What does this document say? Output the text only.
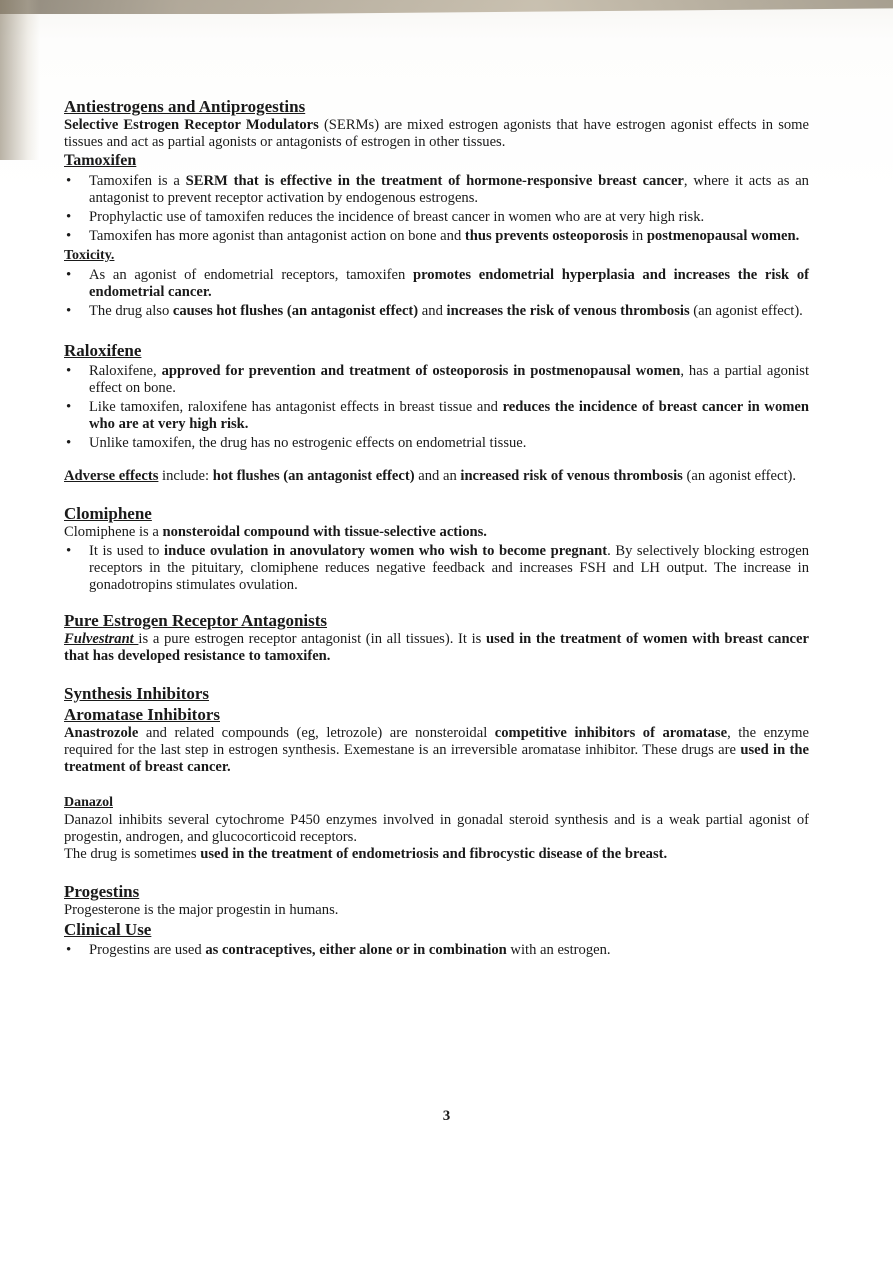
Antiestrogens and Antiprogestins

Selective Estrogen Receptor Modulators (SERMs) are mixed estrogen agonists that have estrogen agonist effects in some tissues and act as partial agonists or antagonists of estrogen in other tissues.

Tamoxifen
• Tamoxifen is a SERM that is effective in the treatment of hormone-responsive breast cancer, where it acts as an antagonist to prevent receptor activation by endogenous estrogens.
• Prophylactic use of tamoxifen reduces the incidence of breast cancer in women who are at very high risk.
• Tamoxifen has more agonist than antagonist action on bone and thus prevents osteoporosis in postmenopausal women.
Toxicity.
• As an agonist of endometrial receptors, tamoxifen promotes endometrial hyperplasia and increases the risk of endometrial cancer.
• The drug also causes hot flushes (an antagonist effect) and increases the risk of venous thrombosis (an agonist effect).
Raloxifene
• Raloxifene, approved for prevention and treatment of osteoporosis in postmenopausal women, has a partial agonist effect on bone.
• Like tamoxifen, raloxifene has antagonist effects in breast tissue and reduces the incidence of breast cancer in women who are at very high risk.
• Unlike tamoxifen, the drug has no estrogenic effects on endometrial tissue.

Adverse effects include: hot flushes (an antagonist effect) and an increased risk of venous thrombosis (an agonist effect).

Clomiphene

Clomiphene is a nonsteroidal compound with tissue-selective actions.

• It is used to induce ovulation in anovulatory women who wish to become pregnant. By selectively blocking estrogen receptors in the pituitary, clomiphene reduces negative feedback and increases FSH and LH output. The increase in gonadotropins stimulates ovulation.
Pure Estrogen Receptor Antagonists

Fulvestrant is a pure estrogen receptor antagonist (in all tissues). It is used in the treatment of women with breast cancer that has developed resistance to tamoxifen.

Synthesis Inhibitors
Aromatase Inhibitors

Anastrozole and related compounds (eg, letrozole) are nonsteroidal competitive inhibitors of aromatase, the enzyme required for the last step in estrogen synthesis. Exemestane is an irreversible aromatase inhibitor. These drugs are used in the treatment of breast cancer.

Danazol

Danazol inhibits several cytochrome P450 enzymes involved in gonadal steroid synthesis and is a weak partial agonist of progestin, androgen, and glucocorticoid receptors.

The drug is sometimes used in the treatment of endometriosis and fibrocystic disease of the breast.

Progestins

Progesterone is the major progestin in humans.

Clinical Use
• Progestins are used as contraceptives, either alone or in combination with an estrogen.
3
